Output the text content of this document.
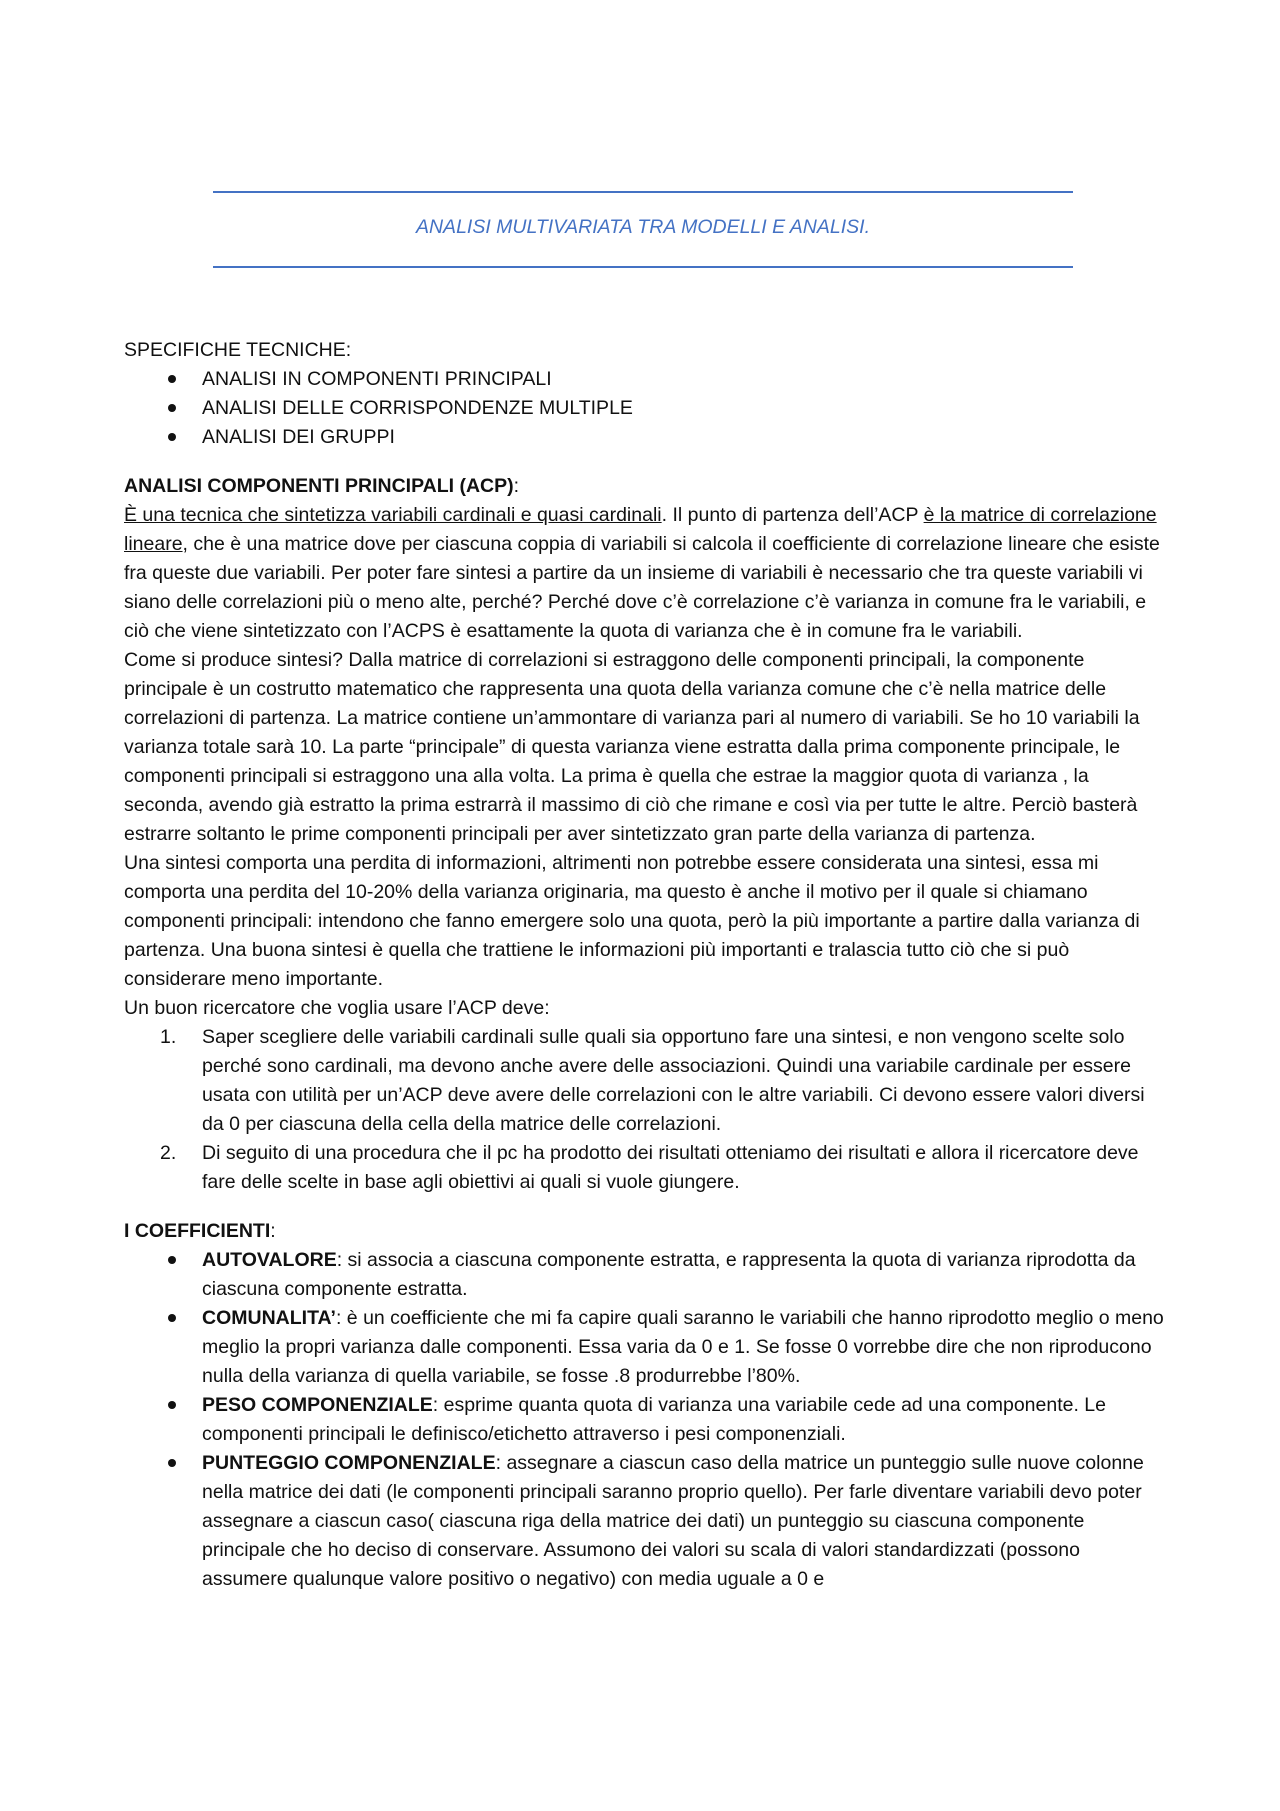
ANALISI MULTIVARIATA TRA MODELLI E ANALISI.

SPECIFICHE TECNICHE:

ANALISI IN COMPONENTI PRINCIPALI
ANALISI DELLE CORRISPONDENZE MULTIPLE
ANALISI DEI GRUPPI

ANALISI COMPONENTI PRINCIPALI (ACP):

È una tecnica che sintetizza variabili cardinali e quasi cardinali. Il punto di partenza dell’ACP è la matrice di correlazione lineare, che è una matrice dove per ciascuna coppia di variabili si calcola il coefficiente di correlazione lineare che esiste fra queste due variabili. Per poter fare sintesi a partire da un insieme di variabili è necessario che tra queste variabili vi siano delle correlazioni più o meno alte, perché? Perché dove c’è correlazione c’è varianza in comune fra le variabili, e ciò che viene sintetizzato con l’ACPS è esattamente la quota di varianza che è in comune fra le variabili.

Come si produce sintesi? Dalla matrice di correlazioni si estraggono delle componenti principali, la componente principale è un costrutto matematico che rappresenta una quota della varianza comune che c’è nella matrice delle correlazioni di partenza. La matrice contiene un’ammontare di varianza pari al numero di variabili. Se ho 10 variabili la varianza totale sarà 10. La parte “principale” di questa varianza viene estratta dalla prima componente principale, le componenti principali si estraggono una alla volta. La prima è quella che estrae la maggior quota di varianza , la seconda, avendo già estratto la prima estrarrà il massimo di ciò che rimane e così via per tutte le altre. Perciò basterà estrarre soltanto le prime componenti principali per aver sintetizzato gran parte della varianza di partenza.

Una sintesi comporta una perdita di informazioni, altrimenti non potrebbe essere considerata una sintesi, essa mi comporta una perdita del 10-20% della varianza originaria, ma questo è anche il motivo per il quale si chiamano componenti principali: intendono che fanno emergere solo una quota, però la più importante a partire dalla varianza di partenza. Una buona sintesi è quella che trattiene le informazioni più importanti e tralascia tutto ciò che si può considerare meno importante.

Un buon ricercatore che voglia usare l’ACP deve:

1. Saper scegliere delle variabili cardinali sulle quali sia opportuno fare una sintesi, e non vengono scelte solo perché sono cardinali, ma devono anche avere delle associazioni. Quindi una variabile cardinale per essere usata con utilità per un’ACP deve avere delle correlazioni con le altre variabili. Ci devono essere valori diversi da 0 per ciascuna della cella della matrice delle correlazioni.
2. Di seguito di una procedura che il pc ha prodotto dei risultati otteniamo dei risultati e allora il ricercatore deve fare delle scelte in base agli obiettivi ai quali si vuole giungere.

I COEFFICIENTI:

AUTOVALORE: si associa a ciascuna componente estratta, e rappresenta la quota di varianza riprodotta da ciascuna componente estratta.
COMUNALITA’: è un coefficiente che mi fa capire quali saranno le variabili che hanno riprodotto meglio o meno meglio la propri varianza dalle componenti. Essa varia da 0 e 1. Se fosse 0 vorrebbe dire che non riproducono nulla della varianza di quella variabile, se fosse .8 produrrebbe l’80%.
PESO COMPONENZIALE: esprime quanta quota di varianza una variabile cede ad una componente. Le componenti principali le definisco/etichetto attraverso i pesi componenziali.
PUNTEGGIO COMPONENZIALE: assegnare a ciascun caso della matrice un punteggio sulle nuove colonne nella matrice dei dati (le componenti principali saranno proprio quello). Per farle diventare variabili devo poter assegnare a ciascun caso( ciascuna riga della matrice dei dati) un punteggio su ciascuna componente principale che ho deciso di conservare. Assumono dei valori su scala di valori standardizzati (possono assumere qualunque valore positivo o negativo) con media uguale a 0 e
